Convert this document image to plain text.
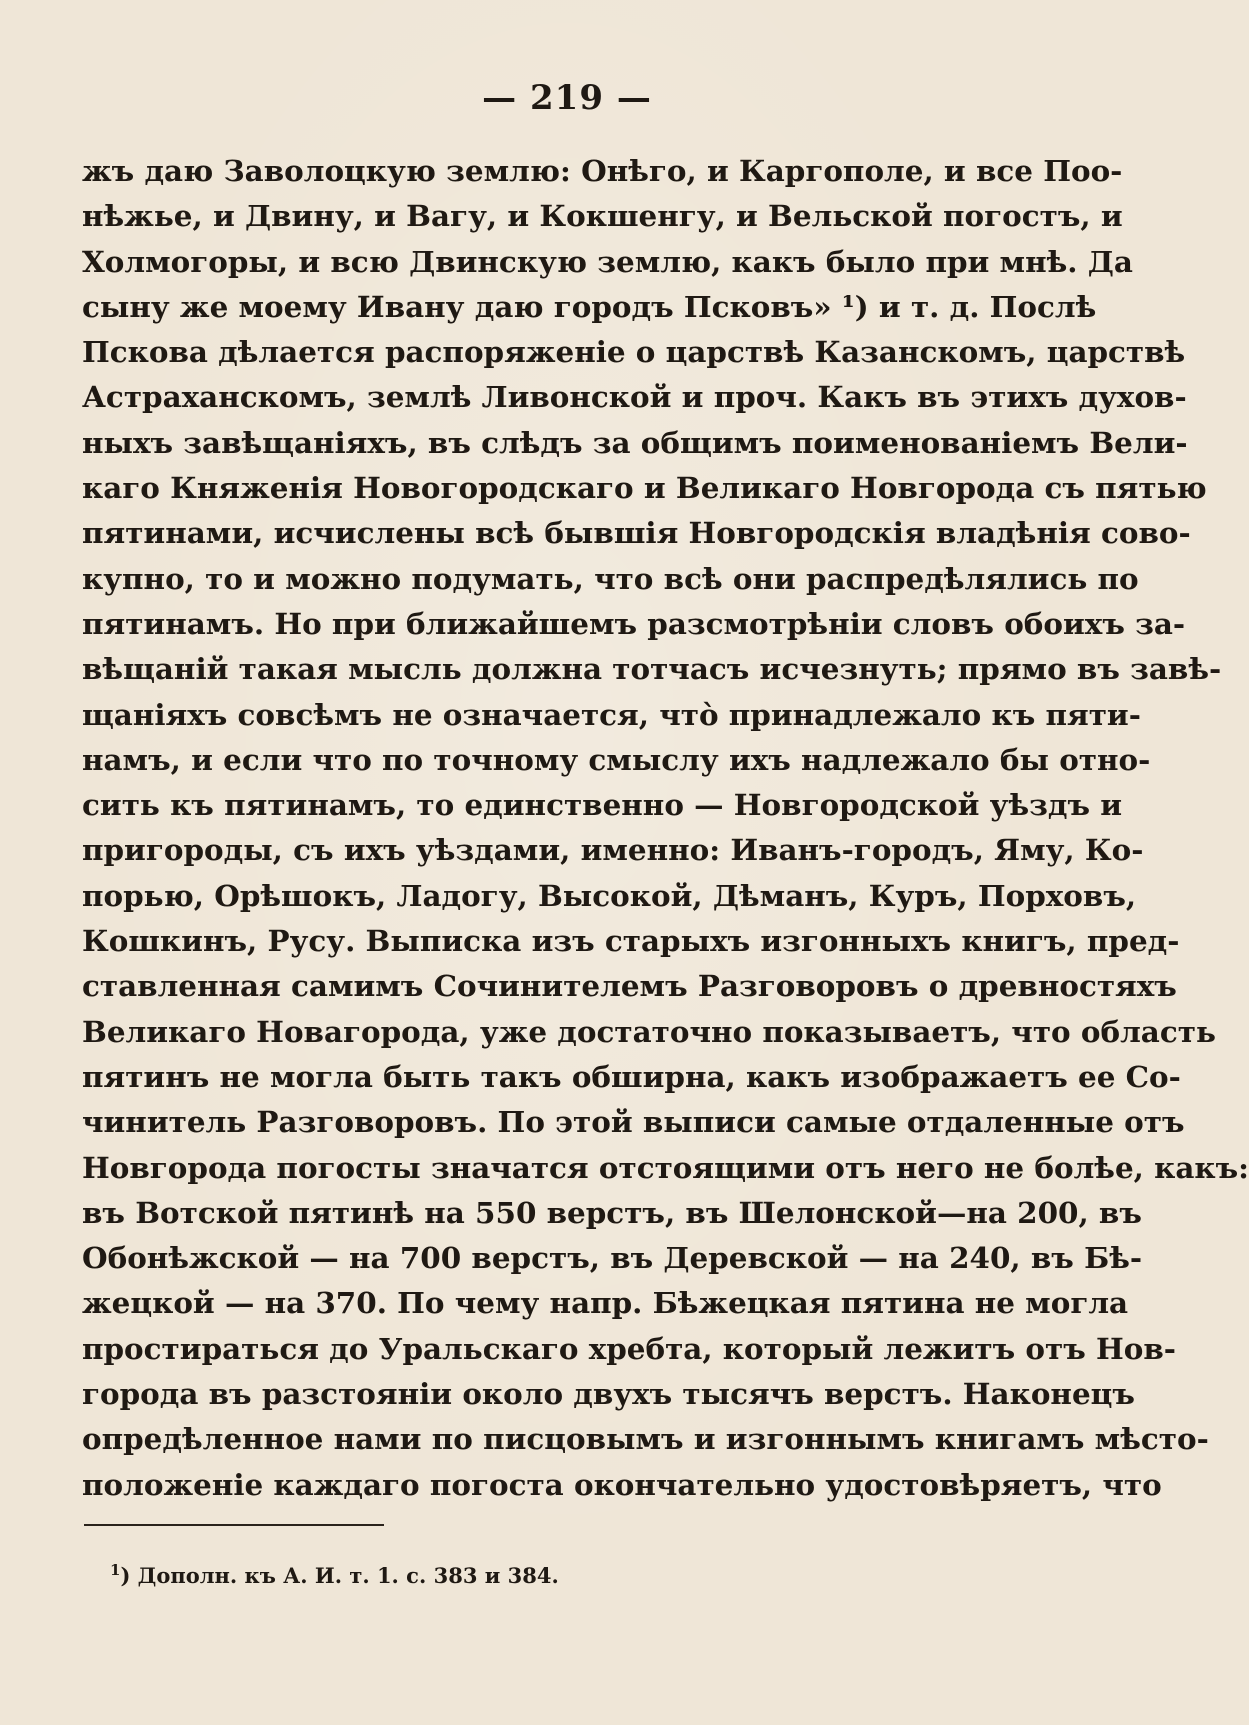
— 219 —
жъ даю Заволоцкую землю: Онѣго, и Каргополе, и все Поо-
нѣжье, и Двину, и Вагу, и Кокшенгу, и Вельской погостъ, и
Холмогоры, и всю Двинскую землю, какъ было при мнѣ. Да
сыну же моему Ивану даю городъ Псковъ» ¹) и т. д. Послѣ
Пскова дѣлается распоряженіе о царствѣ Казанскомъ, царствѣ
Астраханскомъ, землѣ Ливонской и проч. Какъ въ этихъ духов-
ныхъ завѣщаніяхъ, въ слѣдъ за общимъ поименованіемъ Вели-
каго Княженія Новогородскаго и Великаго Новгорода съ пятью
пятинами, исчислены всѣ бывшія Новгородскія владѣнія сово-
купно, то и можно подумать, что всѣ они распредѣлялись по
пятинамъ. Но при ближайшемъ разсмотрѣніи словъ обоихъ за-
вѣщаній такая мысль должна тотчасъ исчезнуть; прямо въ завѣ-
щаніяхъ совсѣмъ не означается, что̀ принадлежало къ пяти-
намъ, и если что по точному смыслу ихъ надлежало бы отно-
сить къ пятинамъ, то единственно — Новгородской уѣздъ и
пригороды, съ ихъ уѣздами, именно: Иванъ-городъ, Яму, Ко-
порью, Орѣшокъ, Ладогу, Высокой, Дѣманъ, Куръ, Порховъ,
Кошкинъ, Русу. Выписка изъ старыхъ изгонныхъ книгъ, пред-
ставленная самимъ Сочинителемъ Разговоровъ о древностяхъ
Великаго Новагорода, уже достаточно показываетъ, что область
пятинъ не могла быть такъ обширна, какъ изображаетъ ее Со-
чинитель Разговоровъ. По этой выписи самые отдаленные отъ
Новгорода погосты значатся отстоящими отъ него не болѣе, какъ:
въ Вотской пятинѣ на 550 верстъ, въ Шелонской—на 200, въ
Обонѣжской — на 700 верстъ, въ Деревской — на 240, въ Бѣ-
жецкой — на 370. По чему напр. Бѣжецкая пятина не могла
простираться до Уральскаго хребта, который лежитъ отъ Нов-
города въ разстояніи около двухъ тысячъ верстъ. Наконецъ
опредѣленное нами по писцовымъ и изгоннымъ книгамъ мѣсто-
положеніе каждаго погоста окончательно удостовѣряетъ, что
$^1$) Дополн. къ А. И. т. 1. с. 383 и 384.
